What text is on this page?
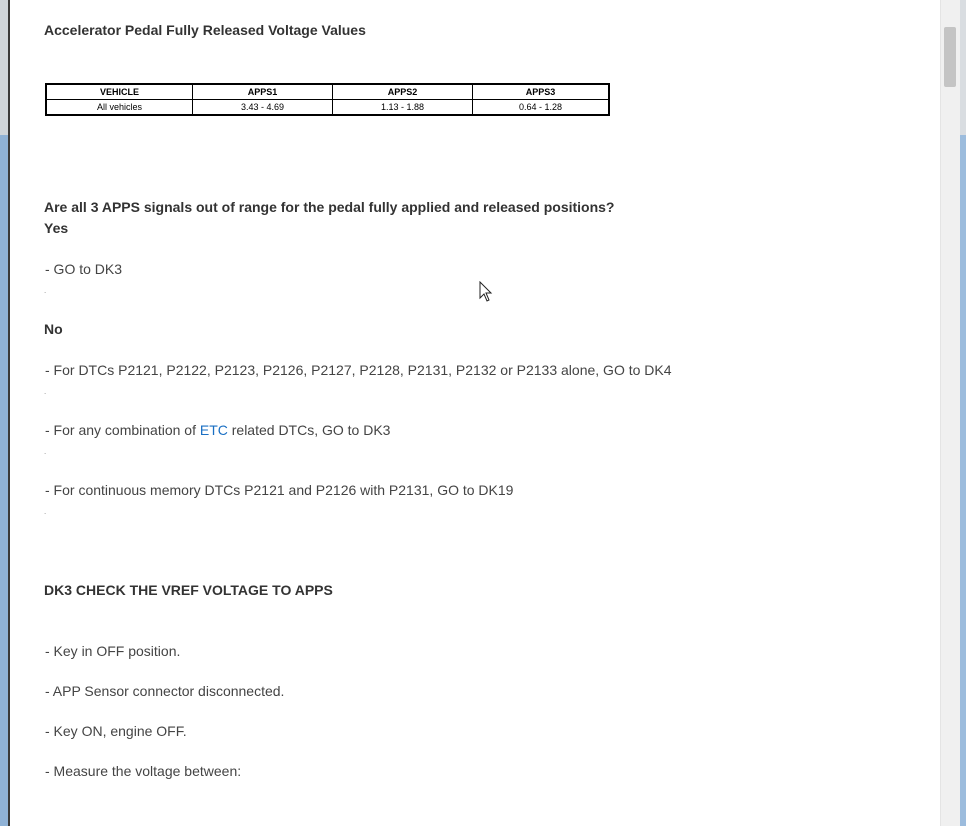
Accelerator Pedal Fully Released Voltage Values
VEHICLE	APPS1	APPS2	APPS3
All vehicles	3.43 - 4.69	1.13 - 1.88	0.64 - 1.28
Are all 3 APPS signals out of range for the pedal fully applied and released positions?
Yes
- GO to DK3
.
No
- For DTCs P2121, P2122, P2123, P2126, P2127, P2128, P2131, P2132 or P2133 alone, GO to DK4
.
- For any combination of ETC related DTCs, GO to DK3
.
- For continuous memory DTCs P2121 and P2126 with P2131, GO to DK19
.
DK3 CHECK THE VREF VOLTAGE TO APPS
- Key in OFF position.
- APP Sensor connector disconnected.
- Key ON, engine OFF.
- Measure the voltage between:
